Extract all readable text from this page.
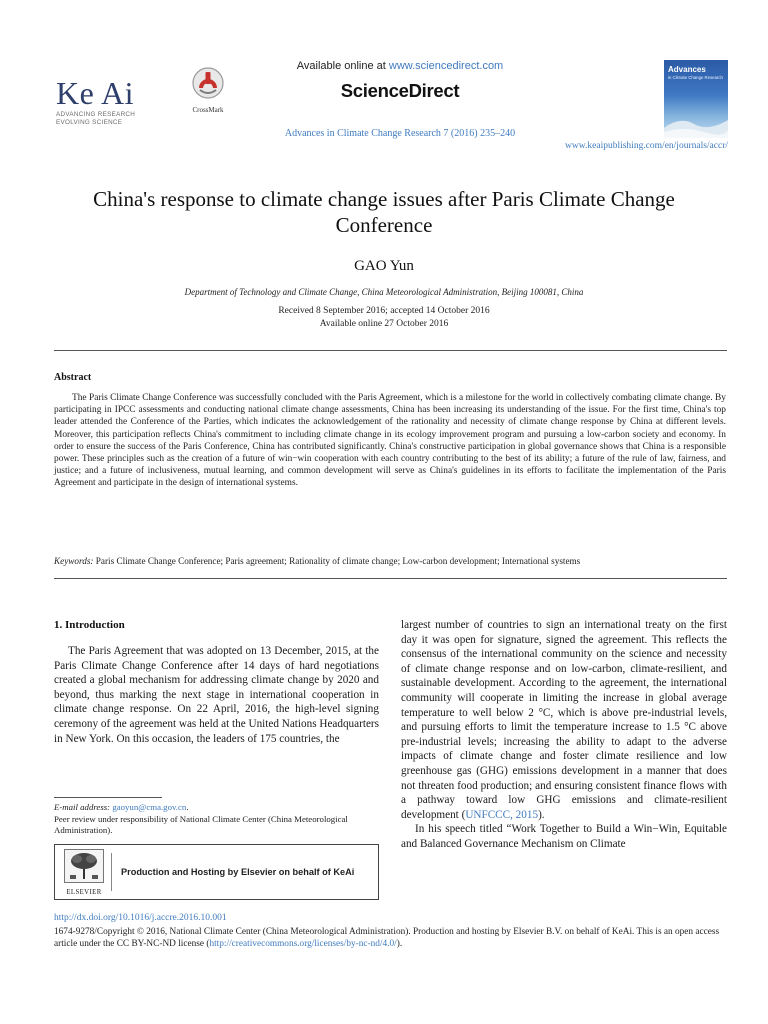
Ke Ai
ADVANCING RESEARCH
EVOLVING SCIENCE
CrossMark
Available online at www.sciencedirect.com
ScienceDirect
Advances in Climate Change Research 7 (2016) 235‒240
Advances
in Climate Change Research
www.keaipublishing.com/en/journals/accr/
China's response to climate change issues after Paris Climate Change Conference
GAO Yun
Department of Technology and Climate Change, China Meteorological Administration, Beijing 100081, China
Received 8 September 2016; accepted 14 October 2016
Available online 27 October 2016
Abstract
The Paris Climate Change Conference was successfully concluded with the Paris Agreement, which is a milestone for the world in collectively combating climate change. By participating in IPCC assessments and conducting national climate change assessments, China has been increasing its understanding of the issue. For the first time, China's top leader attended the Conference of the Parties, which indicates the acknowledgement of the rationality and necessity of climate change response by China at different levels. Moreover, this participation reflects China's commitment to including climate change in its ecology improvement program and pursuing a low-carbon society and economy. In order to ensure the success of the Paris Conference, China has contributed significantly. China's constructive participation in global governance shows that China is a responsible power. These principles such as the creation of a future of win−win cooperation with each country contributing to the best of its ability; a future of the rule of law, fairness, and justice; and a future of inclusiveness, mutual learning, and common development will serve as China's guidelines in its efforts to facilitate the implementation of the Paris Agreement and participate in the design of international systems.
Keywords: Paris Climate Change Conference; Paris agreement; Rationality of climate change; Low-carbon development; International systems
1. Introduction
The Paris Agreement that was adopted on 13 December, 2015, at the Paris Climate Change Conference after 14 days of hard negotiations created a global mechanism for addressing climate change by 2020 and beyond, thus marking the next stage in international cooperation in climate change response. On 22 April, 2016, the high-level signing ceremony of the agreement was held at the United Nations Headquarters in New York. On this occasion, the leaders of 175 countries, the

largest number of countries to sign an international treaty on the first day it was open for signature, signed the agreement. This reflects the consensus of the international community on the science and necessity of climate change response and on low-carbon, climate-resilient, and sustainable development. According to the agreement, the international community will cooperate in limiting the increase in global average temperature to well below 2 °C, which is above pre-industrial levels, and pursuing efforts to limit the temperature increase to 1.5 °C above pre-industrial levels; increasing the ability to adapt to the adverse impacts of climate change and foster climate resilience and low greenhouse gas (GHG) emissions development in a manner that does not threaten food production; and ensuring consistent finance flows with a pathway toward low GHG emissions and climate-resilient development (UNFCCC, 2015).

In his speech titled “Work Together to Build a Win−Win, Equitable and Balanced Governance Mechanism on Climate

E-mail address: gaoyun@cma.gov.cn.
Peer review under responsibility of National Climate Center (China Meteorological Administration).
ELSEVIER
Production and Hosting by Elsevier on behalf of KeAi
http://dx.doi.org/10.1016/j.accre.2016.10.001
1674-9278/Copyright © 2016, National Climate Center (China Meteorological Administration). Production and hosting by Elsevier B.V. on behalf of KeAi. This is an open access article under the CC BY-NC-ND license (http://creativecommons.org/licenses/by-nc-nd/4.0/).
